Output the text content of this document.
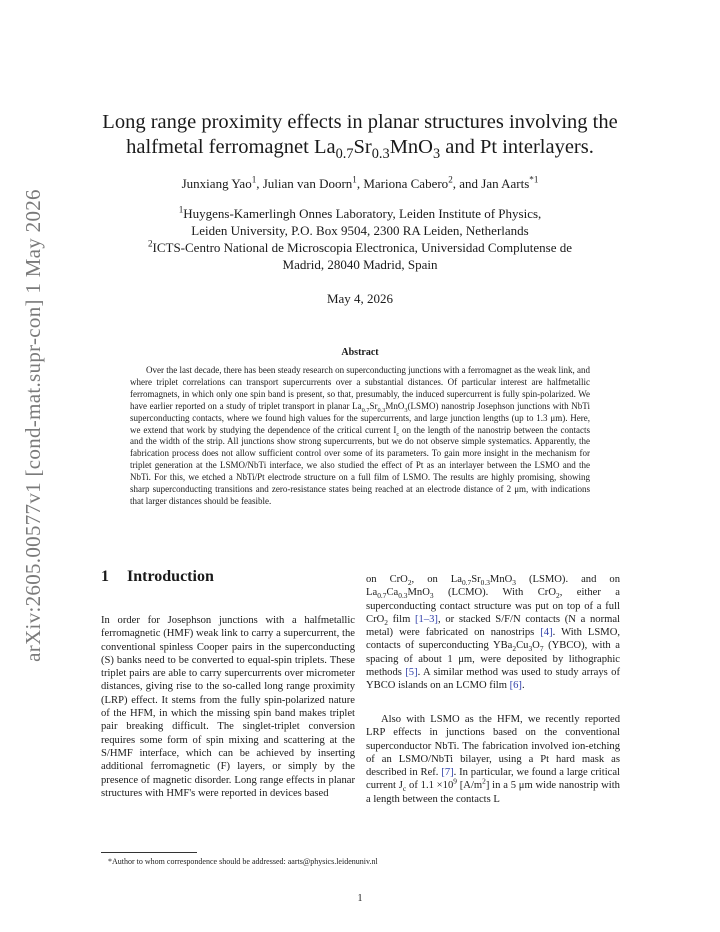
arXiv:2605.00577v1 [cond-mat.supr-con] 1 May 2026
Long range proximity effects in planar structures involving the
halfmetal ferromagnet $La_{0.7}Sr_{0.3}MnO_3$ and Pt interlayers.
Junxiang Yao$^1$, Julian van Doorn$^1$, Mariona Cabero$^2$, and Jan Aarts$^{*1}$
$^1$Huygens-Kamerlingh Onnes Laboratory, Leiden Institute of Physics,
Leiden University, P.O. Box 9504, 2300 RA Leiden, Netherlands
$^2$ICTS-Centro National de Microscopia Electronica, Universidad Complutense de
Madrid, 28040 Madrid, Spain
May 4, 2026
Abstract
Over the last decade, there has been steady research on superconducting junctions with a ferromagnet as the weak link, and where triplet correlations can transport supercurrents over a substantial distances. Of particular interest are halfmetallic ferromagnets, in which only one spin band is present, so that, presumably, the induced supercurrent is fully spin-polarized. We have earlier reported on a study of triplet transport in planar $La_{0.7}Sr_{0.3}MnO_3(LSMO)$ nanostrip Josephson junctions with NbTi superconducting contacts, where we found high values for the supercurrents, and large junction lengths (up to 1.3 μm). Here, we extend that work by studying the dependence of the critical current $I_c$ on the length of the nanostrip between the contacts and the width of the strip. All junctions show strong supercurrents, but we do not observe simple systematics. Apparently, the fabrication process does not allow sufficient control over some of its parameters. To gain more insight in the mechanism for triplet generation at the LSMO/NbTi interface, we also studied the effect of Pt as an interlayer between the LSMO and the NbTi. For this, we etched a NbTi/Pt electrode structure on a full film of LSMO. The results are highly promising, showing sharp superconducting transitions and zero-resistance states being reached at an electrode distance of 2 μm, with indications that larger distances should be feasible.
1 Introduction
In order for Josephson junctions with a halfmetallic ferromagnetic (HMF) weak link to carry a supercurrent, the conventional spinless Cooper pairs in the superconducting (S) banks need to be converted to equal-spin triplets. These triplet pairs are able to carry supercurrents over micrometer distances, giving rise to the so-called long range proximity (LRP) effect. It stems from the fully spin-polarized nature of the HFM, in which the missing spin band makes triplet pair breaking difficult. The singlet-triplet conversion requires some form of spin mixing and scattering at the S/HMF interface, which can be achieved by inserting additional ferromagnetic (F) layers, or simply by the presence of magnetic disorder. Long range effects in planar structures with HMF's were reported in devices based
on CrO$_2$, on $La_{0.7}Sr_{0.3}MnO_3$ (LSMO). and on $La_{0.7}Ca_{0.3}MnO_3$ (LCMO). With CrO$_2$, either a superconducting contact structure was put on top of a full CrO$_2$ film [1–3], or stacked S/F/N contacts (N a normal metal) were fabricated on nanostrips [4]. With LSMO, contacts of superconducting $YBa_2Cu_3O_7$ (YBCO), with a spacing of about 1 μm, were deposited by lithographic methods [5]. A similar method was used to study arrays of YBCO islands on an LCMO film [6].
Also with LSMO as the HFM, we recently reported LRP effects in junctions based on the conventional superconductor NbTi. The fabrication involved ion-etching of an LSMO/NbTi bilayer, using a Pt hard mask as described in Ref. [7]. In particular, we found a large critical current $J_c$ of $1.1 \times 10^9$ $[A/m^2]$ in a 5 μm wide nanostrip with a length between the contacts L
*Author to whom correspondence should be addressed: aarts@physics.leidenuniv.nl
1
